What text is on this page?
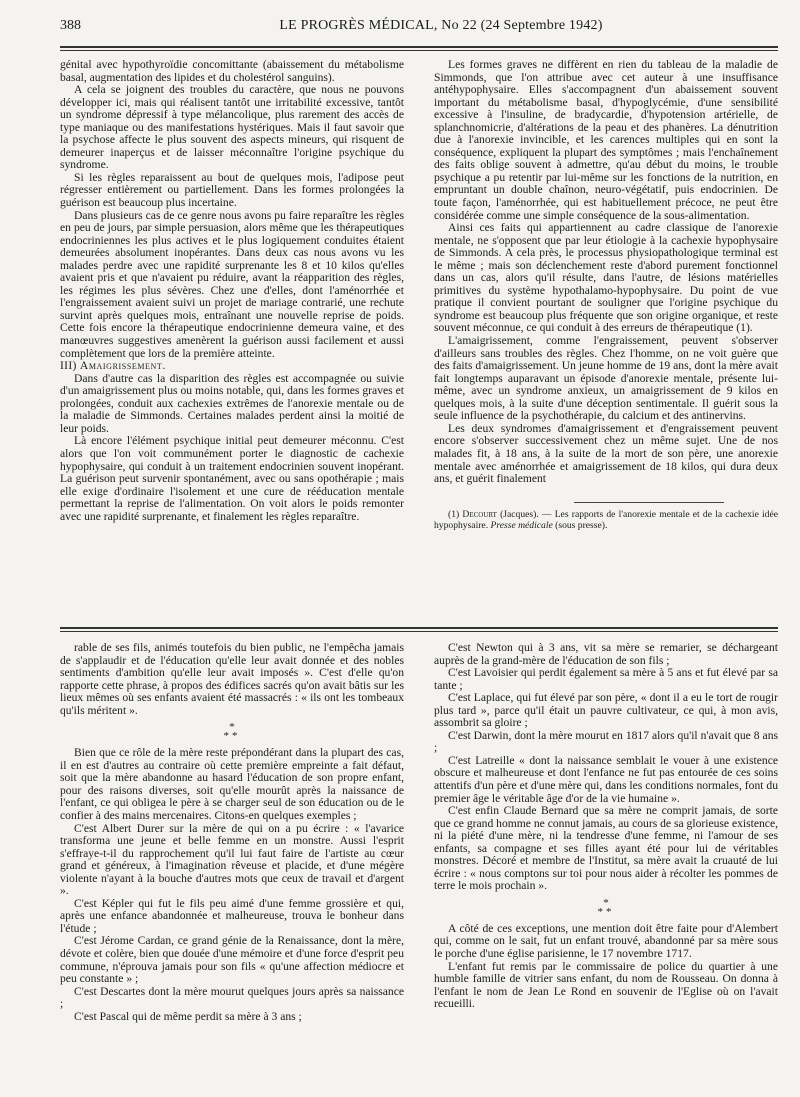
388	LE PROGRÈS MÉDICAL, No 22 (24 Septembre 1942)

génital avec hypothyroïdie concomittante (abaissement du métabolisme basal, augmentation des lipides et du cholestérol sanguins).

A cela se joignent des troubles du caractère, que nous ne pouvons développer ici, mais qui réalisent tantôt une irritabilité excessive, tantôt un syndrome dépressif à type mélancolique, plus rarement des accès de type maniaque ou des manifestations hystériques. Mais il faut savoir que la psychose affecte le plus souvent des aspects mineurs, qui risquent de demeurer inaperçus et de laisser méconnaître l'origine psychique du syndrome.

Si les règles reparaissent au bout de quelques mois, l'adipose peut régresser entièrement ou partiellement. Dans les formes prolongées la guérison est beaucoup plus incertaine.

Dans plusieurs cas de ce genre nous avons pu faire reparaître les règles en peu de jours, par simple persuasion, alors même que les thérapeutiques endocriniennes les plus actives et le plus logiquement conduites étaient demeurées absolument inopérantes. Dans deux cas nous avons vu les malades perdre avec une rapidité surprenante les 8 et 10 kilos qu'elles avaient pris et que n'avaient pu réduire, avant la réapparition des règles, les régimes les plus sévères. Chez une d'elles, dont l'aménorrhée et l'engraissement avaient suivi un projet de mariage contrarié, une rechute survint après quelques mois, entraînant une nouvelle reprise de poids. Cette fois encore la thérapeutique endocrinienne demeura vaine, et des manœuvres suggestives amenèrent la guérison aussi facilement et aussi complètement que lors de la première atteinte.

III) Amaigrissement.

Dans d'autre cas la disparition des règles est accompagnée ou suivie d'un amaigrissement plus ou moins notable, qui, dans les formes graves et prolongées, conduit aux cachexies extrêmes de l'anorexie mentale ou de la maladie de Simmonds. Certaines malades perdent ainsi la moitié de leur poids.

Là encore l'élément psychique initial peut demeurer méconnu. C'est alors que l'on voit communément porter le diagnostic de cachexie hypophysaire, qui conduit à un traitement endocrinien souvent inopérant. La guérison peut survenir spontanément, avec ou sans opothérapie ; mais elle exige d'ordinaire l'isolement et une cure de rééducation mentale permettant la reprise de l'alimentation. On voit alors le poids remonter avec une rapidité surprenante, et finalement les règles reparaître.

Les formes graves ne diffèrent en rien du tableau de la maladie de Simmonds, que l'on attribue avec cet auteur à une insuffisance antéhypophysaire. Elles s'accompagnent d'un abaissement souvent important du métabolisme basal, d'hypoglycémie, d'une sensibilité excessive à l'insuline, de bradycardie, d'hypotension artérielle, de splanchnomicrie, d'altérations de la peau et des phanères. La dénutrition due à l'anorexie invincible, et les carences multiples qui en sont la conséquence, expliquent la plupart des symptômes ; mais l'enchaînement des faits oblige souvent à admettre, qu'au début du moins, le trouble psychique a pu retentir par lui-même sur les fonctions de la nutrition, en empruntant un double chaînon, neuro-végétatif, puis endocrinien. De toute façon, l'aménorrhée, qui est habituellement précoce, ne peut être considérée comme une simple conséquence de la sous-alimentation.

Ainsi ces faits qui appartiennent au cadre classique de l'anorexie mentale, ne s'opposent que par leur étiologie à la cachexie hypophysaire de Simmonds. A cela près, le processus physiopathologique terminal est le même ; mais son déclenchement reste d'abord purement fonctionnel dans un cas, alors qu'il résulte, dans l'autre, de lésions matérielles primitives du système hypothalamo-hypophysaire. Du point de vue pratique il convient pourtant de souligner que l'origine psychique du syndrome est beaucoup plus fréquente que son origine organique, et reste souvent méconnue, ce qui conduit à des erreurs de thérapeutique (1).

L'amaigrissement, comme l'engraissement, peuvent s'observer d'ailleurs sans troubles des règles. Chez l'homme, on ne voit guère que des faits d'amaigrissement. Un jeune homme de 19 ans, dont la mère avait fait longtemps auparavant un épisode d'anorexie mentale, présente lui-même, avec un syndrome anxieux, un amaigrissement de 9 kilos en quelques mois, à la suite d'une déception sentimentale. Il guérit sous la seule influence de la psychothérapie, du calcium et des antinervins.

Les deux syndromes d'amaigrissement et d'engraissement peuvent encore s'observer successivement chez un même sujet. Une de nos malades fit, à 18 ans, à la suite de la mort de son père, une anorexie mentale avec aménorrhée et amaigrissement de 18 kilos, qui dura deux ans, et guérit finalement

(1) Decourt (Jacques). — Les rapports de l'anorexie mentale et de la cachexie idée hypophysaire. Presse médicale (sous presse).

rable de ses fils, animés toutefois du bien public, ne l'empêcha jamais de s'applaudir et de l'éducation qu'elle leur avait donnée et des nobles sentiments d'ambition qu'elle leur avait imposés ». C'est d'elle qu'on rapporte cette phrase, à propos des édifices sacrés qu'on avait bâtis sur les lieux mêmes où ses enfants avaient été massacrés : « ils ont les tombeaux qu'ils méritent ».

*
**

Bien que ce rôle de la mère reste prépondérant dans la plupart des cas, il en est d'autres au contraire où cette première empreinte a fait défaut, soit que la mère abandonne au hasard l'éducation de son propre enfant, pour des raisons diverses, soit qu'elle mourût après la naissance de l'enfant, ce qui obligea le père à se charger seul de son éducation ou de le confier à des mains mercenaires. Citons-en quelques exemples ;

C'est Albert Durer sur la mère de qui on a pu écrire : « l'avarice transforma une jeune et belle femme en un monstre. Aussi l'esprit s'effraye-t-il du rapprochement qu'il lui faut faire de l'artiste au cœur grand et généreux, à l'imagination rêveuse et placide, et d'une mégère violente n'ayant à la bouche d'autres mots que ceux de travail et d'argent ».

C'est Képler qui fut le fils peu aimé d'une femme grossière et qui, après une enfance abandonnée et malheureuse, trouva le bonheur dans l'étude ;

C'est Jérome Cardan, ce grand génie de la Renaissance, dont la mère, dévote et colère, bien que douée d'une mémoire et d'une force d'esprit peu commune, n'éprouva jamais pour son fils « qu'une affection médiocre et peu constante » ;

C'est Descartes dont la mère mourut quelques jours après sa naissance ;

C'est Pascal qui de même perdit sa mère à 3 ans ;

C'est Newton qui à 3 ans, vit sa mère se remarier, se déchargeant auprès de la grand-mère de l'éducation de son fils ;

C'est Lavoisier qui perdit également sa mère à 5 ans et fut élevé par sa tante ;

C'est Laplace, qui fut élevé par son père, « dont il a eu le tort de rougir plus tard », parce qu'il était un pauvre cultivateur, ce qui, à mon avis, assombrit sa gloire ;

C'est Darwin, dont la mère mourut en 1817 alors qu'il n'avait que 8 ans ;

C'est Latreille « dont la naissance semblait le vouer à une existence obscure et malheureuse et dont l'enfance ne fut pas entourée de ces soins attentifs d'un père et d'une mère qui, dans les conditions normales, font du premier âge le véritable âge d'or de la vie humaine ».

C'est enfin Claude Bernard que sa mère ne comprit jamais, de sorte que ce grand homme ne connut jamais, au cours de sa glorieuse existence, ni la piété d'une mère, ni la tendresse d'une femme, ni l'amour de ses enfants, sa compagne et ses filles ayant été pour lui de véritables monstres. Décoré et membre de l'Institut, sa mère avait la cruauté de lui écrire : « nous comptons sur toi pour nous aider à récolter les pommes de terre le mois prochain ».

*
**

A côté de ces exceptions, une mention doit être faite pour d'Alembert qui, comme on le sait, fut un enfant trouvé, abandonné par sa mère sous le porche d'une église parisienne, le 17 novembre 1717.

L'enfant fut remis par le commissaire de police du quartier à une humble famille de vitrier sans enfant, du nom de Rousseau. On donna à l'enfant le nom de Jean Le Rond en souvenir de l'Eglise où on l'avait recueilli.
